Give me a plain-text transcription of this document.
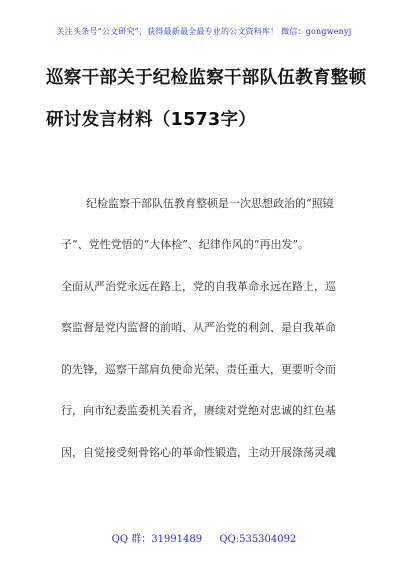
关注头条号“公文研究”，获得最新最全最专业的公文资料库！ 微信：gongwenyj
巡察干部关于纪检监察干部队伍教育整顿
研讨发言材料（1573字）
纪检监察干部队伍教育整顿是一次思想政治的“照镜
子”、党性党悟的“大体检”、纪律作风的“再出发”。
全面从严治党永远在路上，党的自我革命永远在路上，巡
察监督是党内监督的前哨、从严治党的利剑、是自我革命
的先锋，巡察干部肩负使命光荣、责任重大，更要听令而
行，向市纪委监委机关看齐，赓续对党绝对忠诚的红色基
因，自觉接受刻骨铭心的革命性锻造，主动开展涤荡灵魂
QQ 群：31991489 QQ:535304092
